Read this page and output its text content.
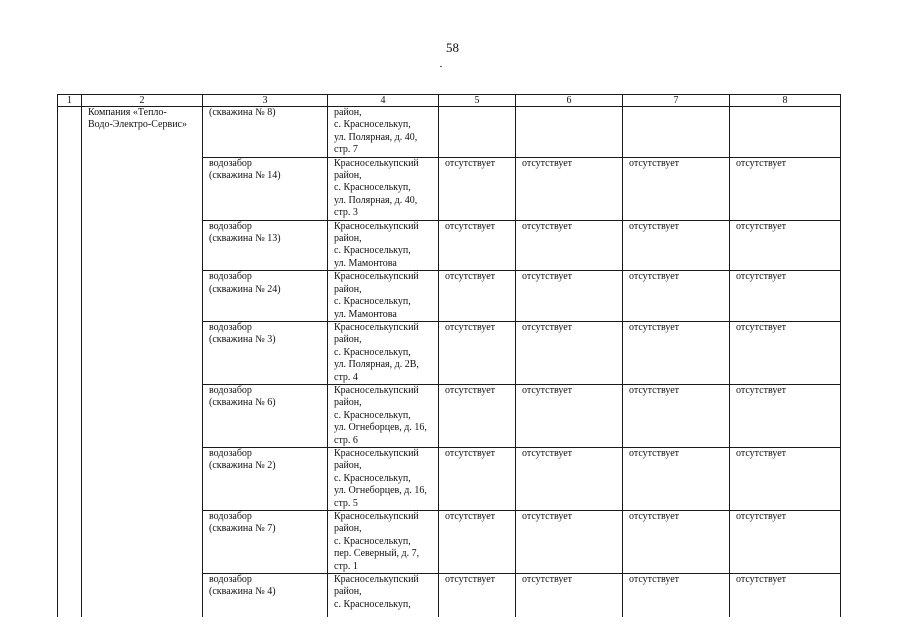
58
1	2	3	4	5	6	7	8

	Компания «Тепло-
Водо-Электро-Сервис»	(скважина № 8)	район,
с. Красноселькуп,
ул. Полярная, д. 40,
стр. 7				

		водозабор
(скважина № 14)	Красноселькупский
район,
с. Красноселькуп,
ул. Полярная, д. 40,
стр. 3	отсутствует	отсутствует	отсутствует	отсутствует

		водозабор
(скважина № 13)	Красноселькупский
район,
с. Красноселькуп,
ул. Мамонтова	отсутствует	отсутствует	отсутствует	отсутствует

		водозабор
(скважина № 24)	Красноселькупский
район,
с. Красноселькуп,
ул. Мамонтова	отсутствует	отсутствует	отсутствует	отсутствует

		водозабор
(скважина № 3)	Красноселькупский
район,
с. Красноселькуп,
ул. Полярная, д. 2В,
стр. 4	отсутствует	отсутствует	отсутствует	отсутствует

		водозабор
(скважина № 6)	Красноселькупский
район,
с. Красноселькуп,
ул. Огнеборцев, д. 16,
стр. 6	отсутствует	отсутствует	отсутствует	отсутствует

		водозабор
(скважина № 2)	Красноселькупский
район,
с. Красноселькуп,
ул. Огнеборцев, д. 16,
стр. 5	отсутствует	отсутствует	отсутствует	отсутствует

		водозабор
(скважина № 7)	Красноселькупский
район,
с. Красноселькуп,
пер. Северный, д. 7,
стр. 1	отсутствует	отсутствует	отсутствует	отсутствует

		водозабор
(скважина № 4)	Красноселькупский
район,
с. Красноселькуп,	отсутствует	отсутствует	отсутствует	отсутствует
